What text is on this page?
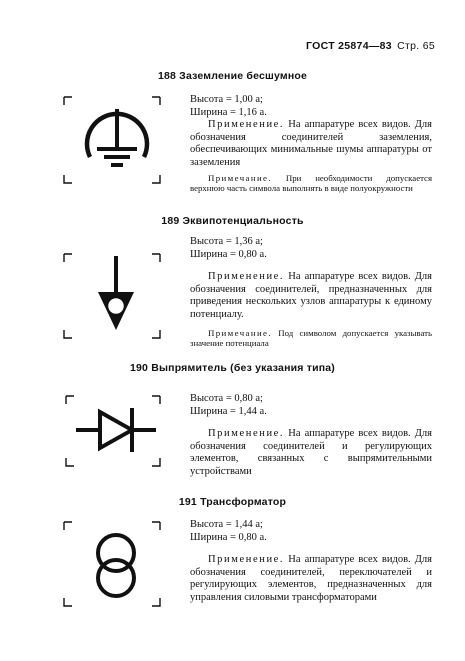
ГОСТ 25874—83 Стр. 65
188 Заземление бесшумное
Высота = 1,00 a;
Ширина = 1,16 a.
Применение. На аппаратуре всех видов. Для обозначения соединителей заземления, обеспечивающих минимальные шумы аппаратуры от заземления
Примечание. При необходимости допускается верхнюю часть символа выполнять в виде полуокружности
189 Эквипотенциальность
Высота = 1,36 a;
Ширина = 0,80 a.
Применение. На аппаратуре всех видов. Для обозначения соединителей, предназначенных для приведения нескольких узлов аппаратуры к единому потенциалу.
Примечание. Под символом допускается указывать значение потенциала
190 Выпрямитель (без указания типа)
Высота = 0,80 a;
Ширина = 1,44 a.
Применение. На аппаратуре всех видов. Для обозначения соединителей и регулирующих элементов, связанных с выпрямительными устройствами
191 Трансформатор
Высота = 1,44 a;
Ширина = 0,80 a.
Применение. На аппаратуре всех видов. Для обозначения соединителей, переключателей и регулирующих элементов, предназначенных для управления силовыми трансформаторами
